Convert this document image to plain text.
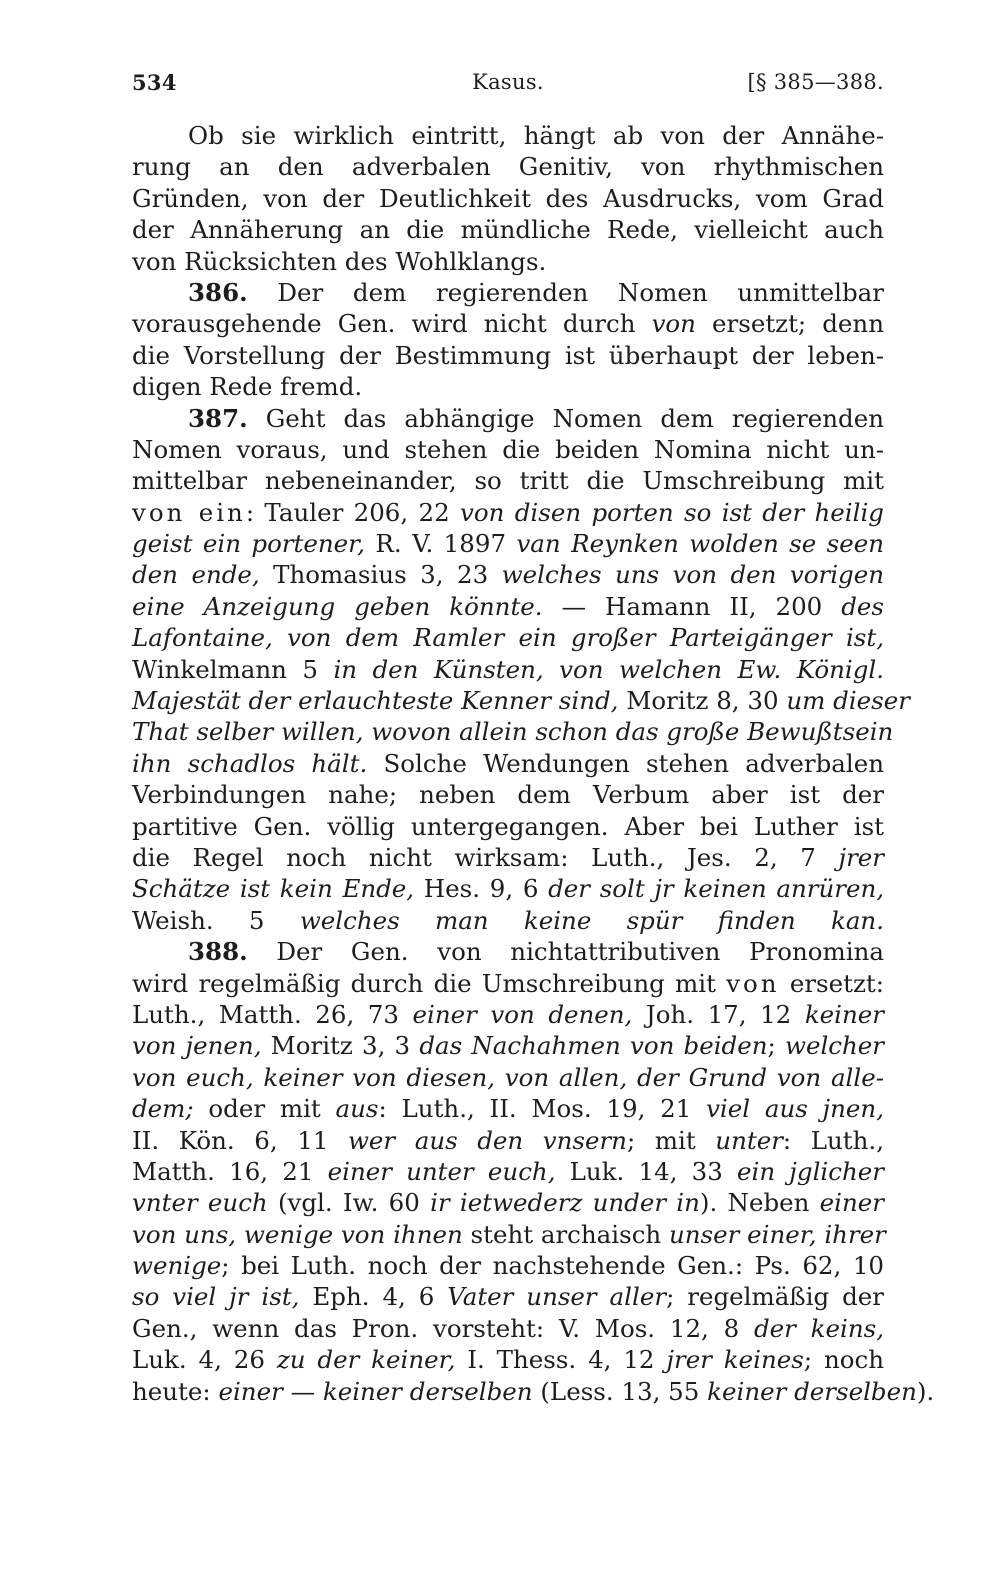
534	Kasus.	[§ 385—388.
Ob sie wirklich eintritt, hängt ab von der Annähe-
rung an den adverbalen Genitiv, von rhythmischen
Gründen, von der Deutlichkeit des Ausdrucks, vom Grad
der Annäherung an die mündliche Rede, vielleicht auch
von Rücksichten des Wohlklangs.
386. Der dem regierenden Nomen unmittelbar
vorausgehende Gen. wird nicht durch von ersetzt; denn
die Vorstellung der Bestimmung ist überhaupt der leben-
digen Rede fremd.
387. Geht das abhängige Nomen dem regierenden
Nomen voraus, und stehen die beiden Nomina nicht un-
mittelbar nebeneinander, so tritt die Umschreibung mit
von ein: Tauler 206, 22 von disen porten so ist der heilig
geist ein portener, R. V. 1897 van Reynken wolden se seen
den ende, Thomasius 3, 23 welches uns von den vorigen
eine Anzeigung geben könnte. — Hamann II, 200 des
Lafontaine, von dem Ramler ein großer Parteigänger ist,
Winkelmann 5 in den Künsten, von welchen Ew. Königl.
Majestät der erlauchteste Kenner sind, Moritz 8, 30 um dieser
That selber willen, wovon allein schon das große Bewußtsein
ihn schadlos hält. Solche Wendungen stehen adverbalen
Verbindungen nahe; neben dem Verbum aber ist der
partitive Gen. völlig untergegangen. Aber bei Luther ist
die Regel noch nicht wirksam: Luth., Jes. 2, 7 jrer
Schätze ist kein Ende, Hes. 9, 6 der solt jr keinen anrüren,
Weish. 5 welches man keine spür finden kan.
388. Der Gen. von nichtattributiven Pronomina
wird regelmäßig durch die Umschreibung mit von ersetzt:
Luth., Matth. 26, 73 einer von denen, Joh. 17, 12 keiner
von jenen, Moritz 3, 3 das Nachahmen von beiden; welcher
von euch, keiner von diesen, von allen, der Grund von alle-
dem; oder mit aus: Luth., II. Mos. 19, 21 viel aus jnen,
II. Kön. 6, 11 wer aus den vnsern; mit unter: Luth.,
Matth. 16, 21 einer unter euch, Luk. 14, 33 ein jglicher
vnter euch (vgl. Iw. 60 ir ietwederz under in). Neben einer
von uns, wenige von ihnen steht archaisch unser einer, ihrer
wenige; bei Luth. noch der nachstehende Gen.: Ps. 62, 10
so viel jr ist, Eph. 4, 6 Vater unser aller; regelmäßig der
Gen., wenn das Pron. vorsteht: V. Mos. 12, 8 der keins,
Luk. 4, 26 zu der keiner, I. Thess. 4, 12 jrer keines; noch
heute: einer — keiner derselben (Less. 13, 55 keiner derselben).
